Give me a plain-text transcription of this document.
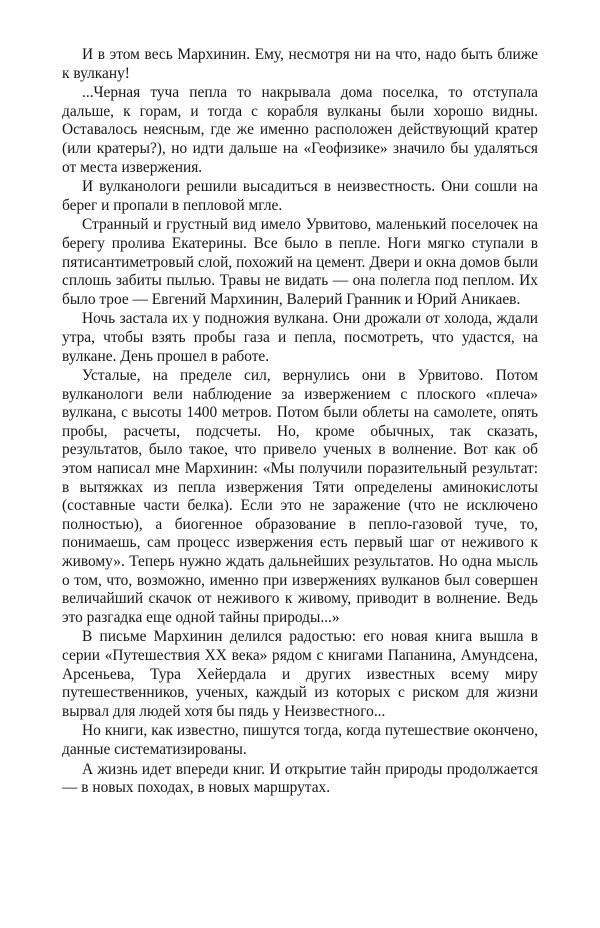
И в этом весь Мархинин. Ему, несмотря ни на что, надо быть ближе к вулкану!

...Черная туча пепла то накрывала дома поселка, то отступала дальше, к горам, и тогда с корабля вулканы были хорошо видны. Оставалось неясным, где же именно расположен действующий кратер (или кратеры?), но идти дальше на «Геофизике» значило бы удаляться от места извержения.

И вулканологи решили высадиться в неизвестность. Они сошли на берег и пропали в пепловой мгле.

Странный и грустный вид имело Урвитово, маленький поселочек на берегу пролива Екатерины. Все было в пепле. Ноги мягко ступали в пятисантиметровый слой, похожий на цемент. Двери и окна домов были сплошь забиты пылью. Травы не видать — она полегла под пеплом. Их было трое — Евгений Мархинин, Валерий Гранник и Юрий Аникаев.

Ночь застала их у подножия вулкана. Они дрожали от холода, ждали утра, чтобы взять пробы газа и пепла, посмотреть, что удастся, на вулкане. День прошел в работе.

Усталые, на пределе сил, вернулись они в Урвитово. Потом вулканологи вели наблюдение за извержением с плоского «плеча» вулкана, с высоты 1400 метров. Потом были облеты на самолете, опять пробы, расчеты, подсчеты. Но, кроме обычных, так сказать, результатов, было такое, что привело ученых в волнение. Вот как об этом написал мне Мархинин: «Мы получили поразительный результат: в вытяжках из пепла извержения Тяти определены аминокислоты (составные части белка). Если это не заражение (что не исключено полностью), а биогенное образование в пепло-газовой туче, то, понимаешь, сам процесс извержения есть первый шаг от неживого к живому». Теперь нужно ждать дальнейших результатов. Но одна мысль о том, что, возможно, именно при извержениях вулканов был совершен величайший скачок от неживого к живому, приводит в волнение. Ведь это разгадка еще одной тайны природы...»

В письме Мархинин делился радостью: его новая книга вышла в серии «Путешествия XX века» рядом с книгами Папанина, Амундсена, Арсеньева, Тура Хейердала и других известных всему миру путешественников, ученых, каждый из которых с риском для жизни вырвал для людей хотя бы пядь у Неизвестного...

Но книги, как известно, пишутся тогда, когда путешествие окончено, данные систематизированы.

А жизнь идет впереди книг. И открытие тайн природы продолжается — в новых походах, в новых маршрутах.
